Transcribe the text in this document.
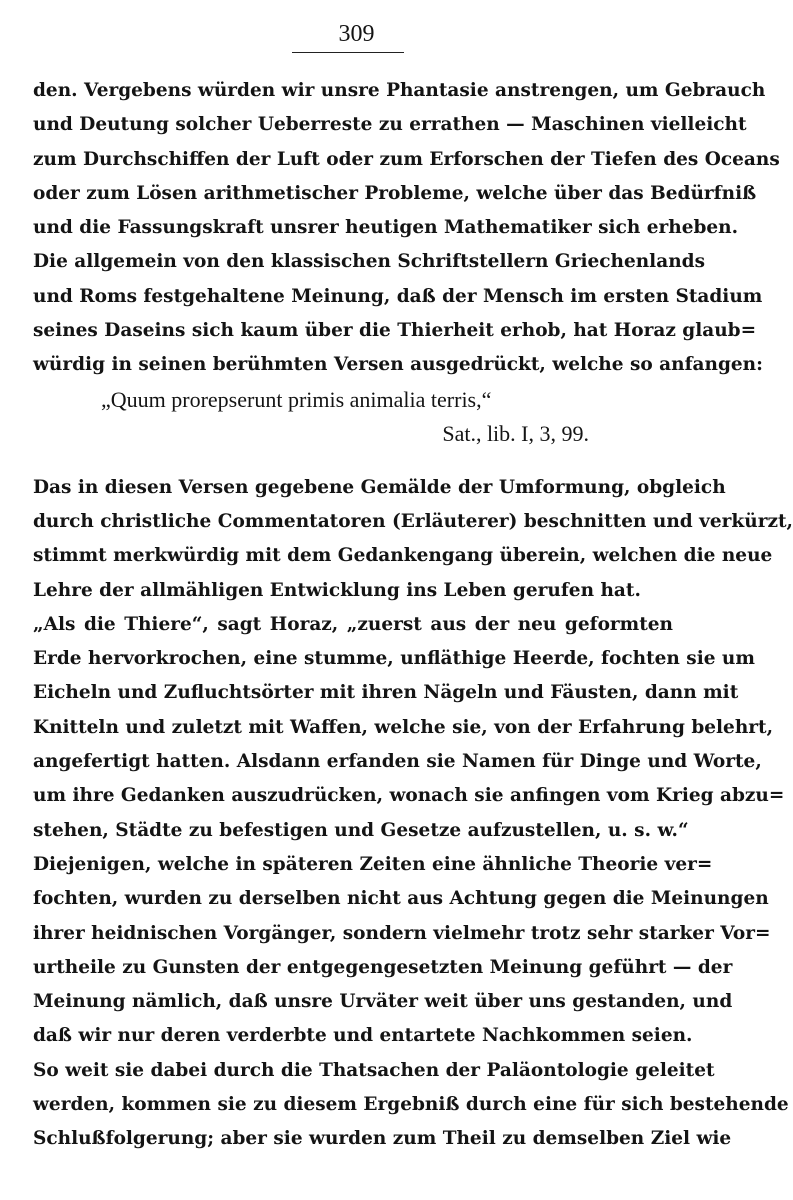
309
den. Vergebens würden wir unsre Phantasie anstrengen, um Gebrauch
und Deutung solcher Ueberreste zu errathen — Maschinen vielleicht
zum Durchschiffen der Luft oder zum Erforschen der Tiefen des Oceans
oder zum Lösen arithmetischer Probleme, welche über das Bedürfniß
und die Fassungskraft unsrer heutigen Mathematiker sich erheben.
Die allgemein von den klassischen Schriftstellern Griechenlands
und Roms festgehaltene Meinung, daß der Mensch im ersten Stadium
seines Daseins sich kaum über die Thierheit erhob, hat Horaz glaub=
würdig in seinen berühmten Versen ausgedrückt, welche so anfangen:
„Quum prorepserunt primis animalia terris,“
Sat., lib. I, 3, 99.
Das in diesen Versen gegebene Gemälde der Umformung, obgleich
durch christliche Commentatoren (Erläuterer) beschnitten und verkürzt,
stimmt merkwürdig mit dem Gedankengang überein, welchen die neue
Lehre der allmähligen Entwicklung ins Leben gerufen hat.
„Als die Thiere“, sagt Horaz, „zuerst aus der neu geformten
Erde hervorkrochen, eine stumme, unfläthige Heerde, fochten sie um
Eicheln und Zufluchtsörter mit ihren Nägeln und Fäusten, dann mit
Knitteln und zuletzt mit Waffen, welche sie, von der Erfahrung belehrt,
angefertigt hatten. Alsdann erfanden sie Namen für Dinge und Worte,
um ihre Gedanken auszudrücken, wonach sie anfingen vom Krieg abzu=
stehen, Städte zu befestigen und Gesetze aufzustellen, u. s. w.“
Diejenigen, welche in späteren Zeiten eine ähnliche Theorie ver=
fochten, wurden zu derselben nicht aus Achtung gegen die Meinungen
ihrer heidnischen Vorgänger, sondern vielmehr trotz sehr starker Vor=
urtheile zu Gunsten der entgegengesetzten Meinung geführt — der
Meinung nämlich, daß unsre Urväter weit über uns gestanden, und
daß wir nur deren verderbte und entartete Nachkommen seien.
So weit sie dabei durch die Thatsachen der Paläontologie geleitet
werden, kommen sie zu diesem Ergebniß durch eine für sich bestehende
Schlußfolgerung; aber sie wurden zum Theil zu demselben Ziel wie
